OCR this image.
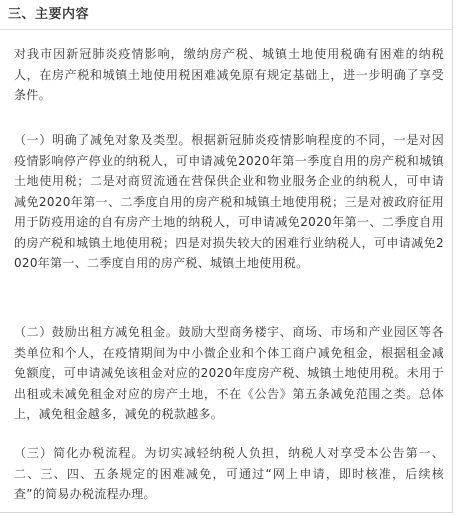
三、主要内容

对我市因新冠肺炎疫情影响，缴纳房产税、城镇土地使用税确有困难的纳税人，在房产税和城镇土地使用税困难减免原有规定基础上，进一步明确了享受条件。

（一）明确了减免对象及类型。根据新冠肺炎疫情影响程度的不同，一是对因疫情影响停产停业的纳税人，可申请减免2020年第一季度自用的房产税和城镇土地使用税；二是对商贸流通在营保供企业和物业服务企业的纳税人，可申请减免2020年第一、二季度自用的房产税和城镇土地使用税；三是对被政府征用用于防疫用途的自有房产土地的纳税人，可申请减免2020年第一、二季度自用的房产税和城镇土地使用税；四是对损失较大的困难行业纳税人，可申请减免2020年第一、二季度自用的房产税、城镇土地使用税。

（二）鼓励出租方减免租金。鼓励大型商务楼宇、商场、市场和产业园区等各类单位和个人，在疫情期间为中小微企业和个体工商户减免租金，根据租金减免额度，可申请减免该租金对应的2020年度房产税、城镇土地使用税。未用于出租或未减免租金对应的房产土地，不在《公告》第五条减免范围之类。总体上，减免租金越多，减免的税款越多。

（三）简化办税流程。为切实减轻纳税人负担，纳税人对享受本公告第一、二、三、四、五条规定的困难减免，可通过“网上申请，即时核准，后续核查”的简易办税流程办理。
